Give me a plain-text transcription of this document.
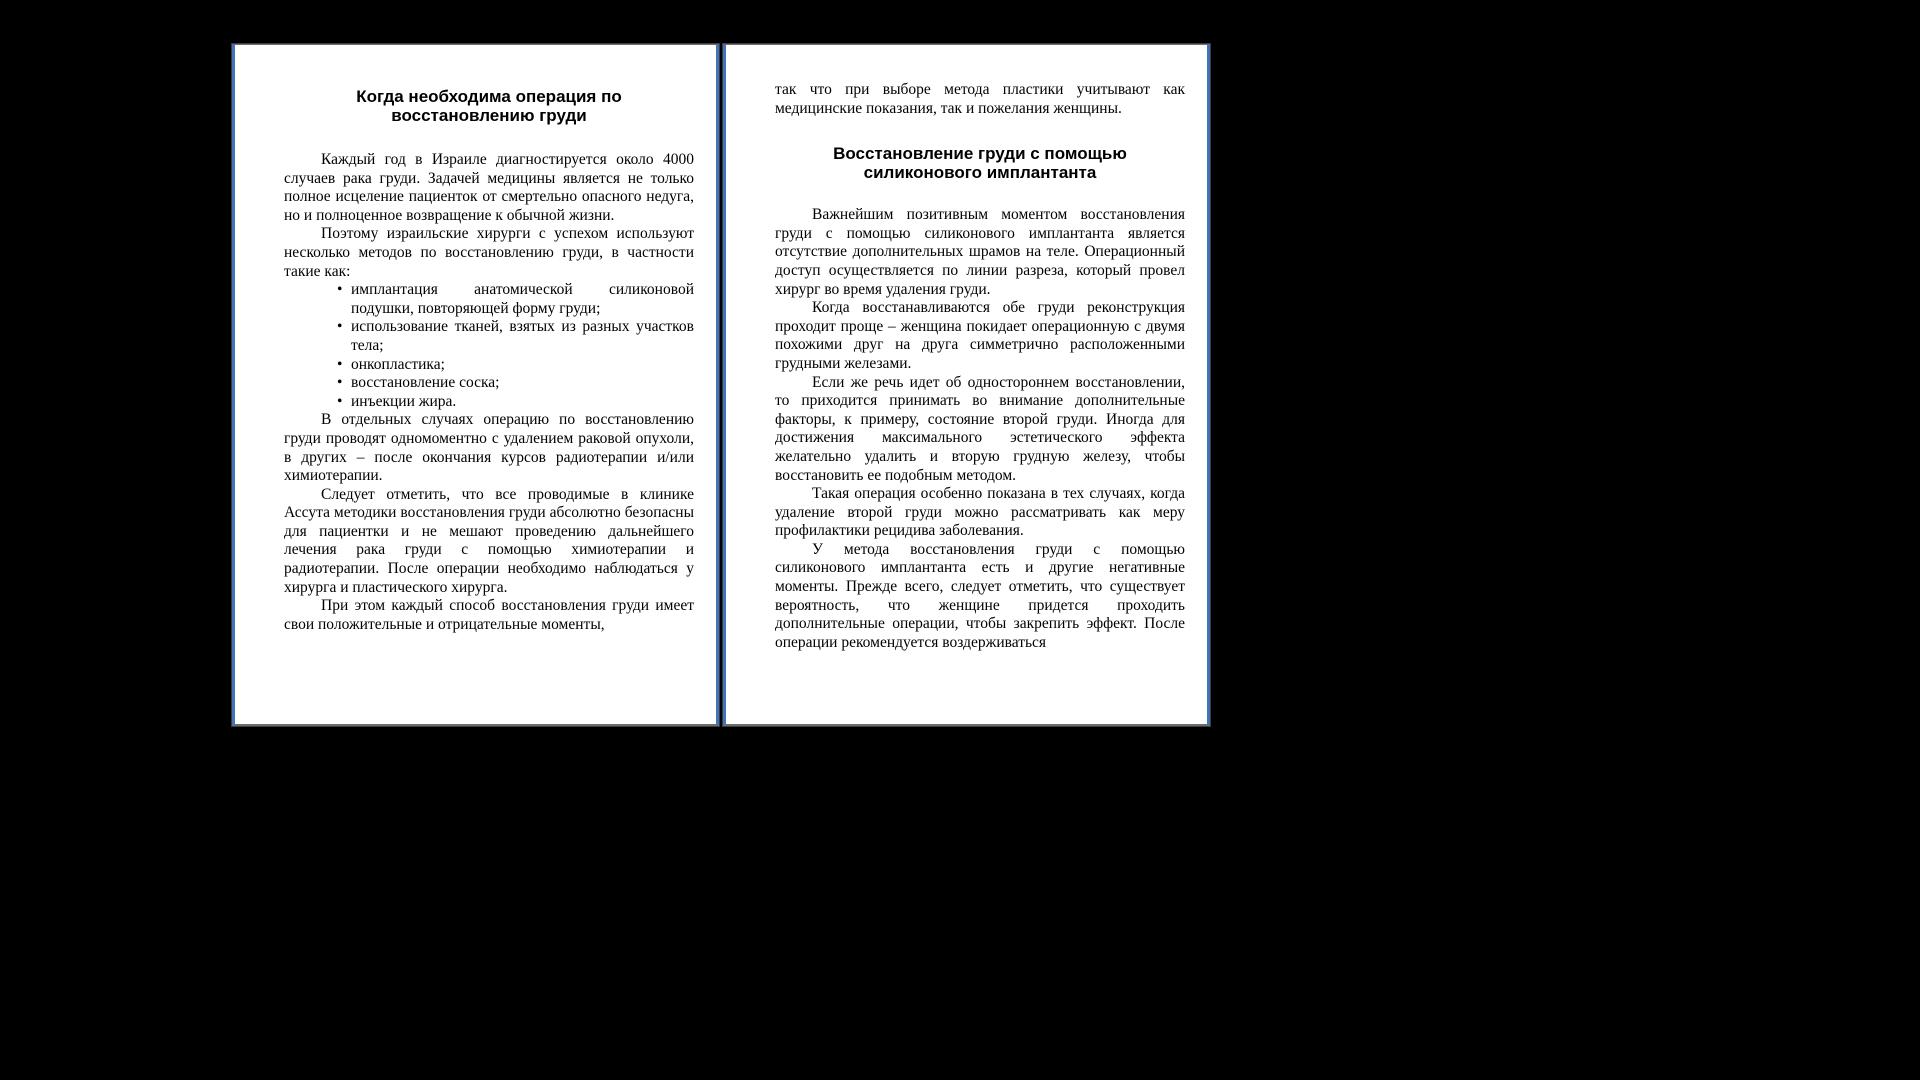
Когда необходима операция по восстановлению груди

Каждый год в Израиле диагностируется около 4000 случаев рака груди. Задачей медицины является не только полное исцеление пациенток от смертельно опасного недуга, но и полноценное возвращение к обычной жизни.

Поэтому израильские хирурги с успехом используют несколько методов по восстановлению груди, в частности такие как:

• имплантация анатомической силиконовой подушки, повторяющей форму груди;
• использование тканей, взятых из разных участков тела;
• онкопластика;
• восстановление соска;
• инъекции жира.

В отдельных случаях операцию по восстановлению груди проводят одномоментно с удалением раковой опухоли, в других – после окончания курсов радиотерапии и/или химиотерапии.

Следует отметить, что все проводимые в клинике Ассута методики восстановления груди абсолютно безопасны для пациентки и не мешают проведению дальнейшего лечения рака груди с помощью химиотерапии и радиотерапии. После операции необходимо наблюдаться у хирурга и пластического хирурга.

При этом каждый способ восстановления груди имеет свои положительные и отрицательные моменты,

так что при выборе метода пластики учитывают как медицинские показания, так и пожелания женщины.

Восстановление груди с помощью силиконового имплантанта

Важнейшим позитивным моментом восстановления груди с помощью силиконового имплантанта является отсутствие дополнительных шрамов на теле. Операционный доступ осуществляется по линии разреза, который провел хирург во время удаления груди.

Когда восстанавливаются обе груди реконструкция проходит проще – женщина покидает операционную с двумя похожими друг на друга симметрично расположенными грудными железами.

Если же речь идет об одностороннем восстановлении, то приходится принимать во внимание дополнительные факторы, к примеру, состояние второй груди. Иногда для достижения максимального эстетического эффекта желательно удалить и вторую грудную железу, чтобы восстановить ее подобным методом.

Такая операция особенно показана в тех случаях, когда удаление второй груди можно рассматривать как меру профилактики рецидива заболевания.

У метода восстановления груди с помощью силиконового имплантанта есть и другие негативные моменты. Прежде всего, следует отметить, что существует вероятность, что женщине придется проходить дополнительные операции, чтобы закрепить эффект. После операции рекомендуется воздерживаться
